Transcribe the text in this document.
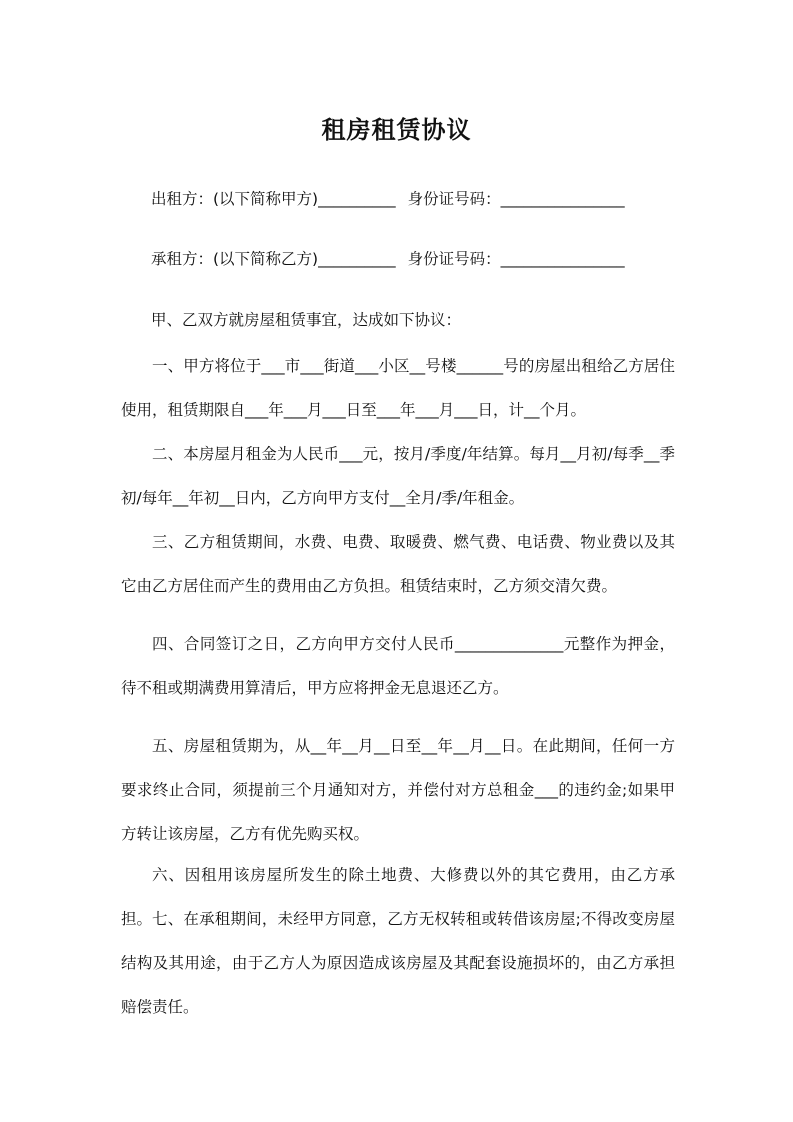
租房租赁协议
出租方：(以下简称甲方)__________ 身份证号码：________________
承租方：(以下简称乙方)__________ 身份证号码：________________
甲、乙双方就房屋租赁事宜，达成如下协议：
一、甲方将位于___市___街道___小区__号楼______号的房屋出租给乙方居住使用，租赁期限自___年___月___日至___年___月___日，计__个月。
二、本房屋月租金为人民币___元，按月/季度/年结算。每月__月初/每季__季初/每年__年初__日内，乙方向甲方支付__全月/季/年租金。
三、乙方租赁期间，水费、电费、取暖费、燃气费、电话费、物业费以及其它由乙方居住而产生的费用由乙方负担。租赁结束时，乙方须交清欠费。
四、合同签订之日，乙方向甲方交付人民币______________元整作为押金，待不租或期满费用算清后，甲方应将押金无息退还乙方。
五、房屋租赁期为，从__年__月__日至__年__月__日。在此期间，任何一方要求终止合同，须提前三个月通知对方，并偿付对方总租金___的违约金;如果甲方转让该房屋，乙方有优先购买权。
六、因租用该房屋所发生的除土地费、大修费以外的其它费用，由乙方承担。 七、在承租期间，未经甲方同意，乙方无权转租或转借该房屋;不得改变房屋结构及其用途，由于乙方人为原因造成该房屋及其配套设施损坏的，由乙方承担赔偿责任。
